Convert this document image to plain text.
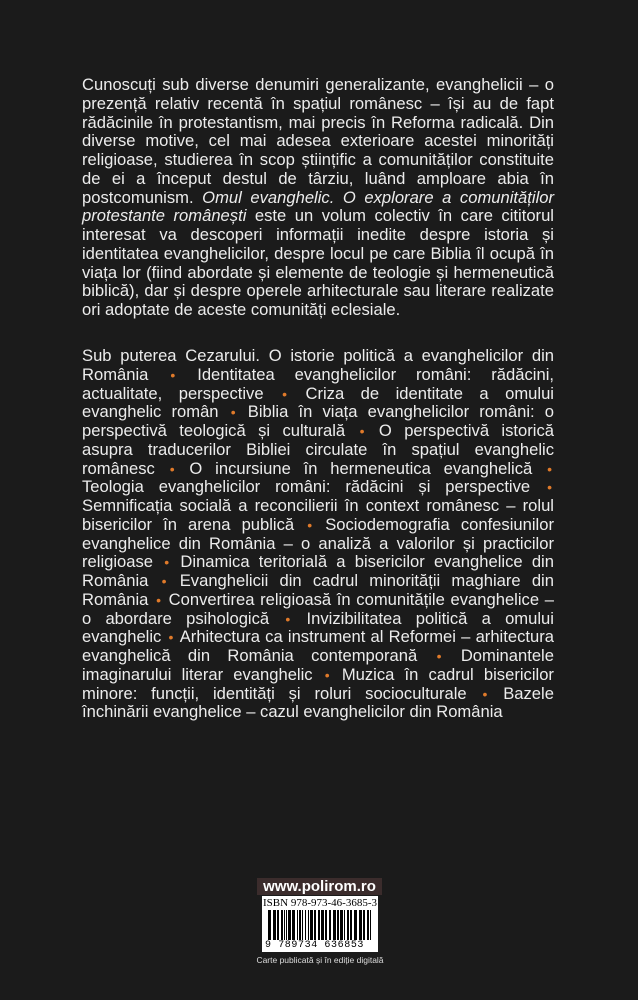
Cunoscuți sub diverse denumiri generalizante, evanghelicii – o prezență relativ recentă în spațiul românesc – își au de fapt rădăcinile în protestantism, mai precis în Reforma radicală. Din diverse motive, cel mai adesea exterioare acestei minorități religioase, studierea în scop științific a comunităților constituite de ei a început destul de târziu, luând amploare abia în postcomunism. Omul evanghelic. O explorare a comunităților protestante românești este un volum colectiv în care cititorul interesat va descoperi informații inedite despre istoria și identitatea evanghelicilor, despre locul pe care Biblia îl ocupă în viața lor (fiind abordate și elemente de teologie și hermeneutică biblică), dar și despre operele arhitecturale sau literare realizate ori adoptate de aceste comunități eclesiale.
Sub puterea Cezarului. O istorie politică a evanghelicilor din România • Identitatea evanghelicilor români: rădăcini, actualitate, perspective • Criza de identitate a omului evanghelic român • Biblia în viața evanghelicilor români: o perspectivă teologică și culturală • O perspectivă istorică asupra traducerilor Bibliei circulate în spațiul evanghelic românesc • O incursiune în hermeneutica evanghelică • Teologia evanghelicilor români: rădăcini și perspective • Semnificația socială a reconcilierii în context românesc – rolul bisericilor în arena publică • Sociodemografia confesiunilor evanghelice din România – o analiză a valorilor și practicilor religioase • Dinamica teritorială a bisericilor evanghelice din România • Evanghelicii din cadrul minorității maghiare din România • Convertirea religioasă în comunitățile evanghelice – o abordare psihologică • Invizibilitatea politică a omului evanghelic • Arhitectura ca instrument al Reformei – arhitectura evanghelică din România contemporană • Dominantele imaginarului literar evanghelic • Muzica în cadrul bisericilor minore: funcții, identități și roluri socioculturale • Bazele închinării evanghelice – cazul evanghelicilor din România
www.polirom.ro
ISBN 978-973-46-3685-3
9 789734 636853
Carte publicată și în ediție digitală
